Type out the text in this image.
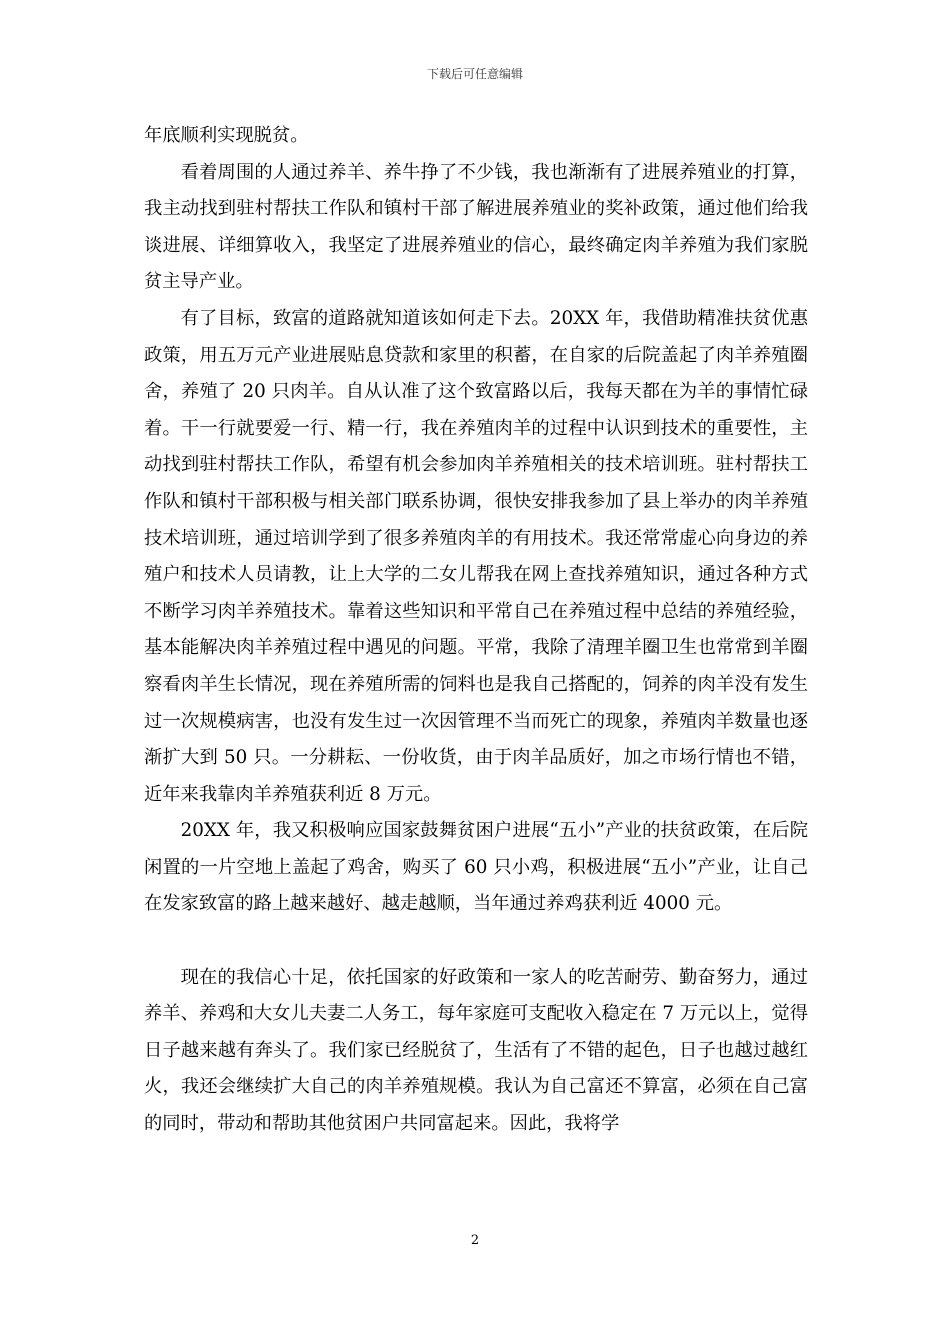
下载后可任意编辑

年底顺利实现脱贫。

看着周围的人通过养羊、养牛挣了不少钱，我也渐渐有了进展养殖业的打算，我主动找到驻村帮扶工作队和镇村干部了解进展养殖业的奖补政策，通过他们给我谈进展、详细算收入，我坚定了进展养殖业的信心，最终确定肉羊养殖为我们家脱贫主导产业。

有了目标，致富的道路就知道该如何走下去。20XX 年，我借助精准扶贫优惠政策，用五万元产业进展贴息贷款和家里的积蓄，在自家的后院盖起了肉羊养殖圈舍，养殖了 20 只肉羊。自从认准了这个致富路以后，我每天都在为羊的事情忙碌着。干一行就要爱一行、精一行，我在养殖肉羊的过程中认识到技术的重要性，主动找到驻村帮扶工作队，希望有机会参加肉羊养殖相关的技术培训班。驻村帮扶工作队和镇村干部积极与相关部门联系协调，很快安排我参加了县上举办的肉羊养殖技术培训班，通过培训学到了很多养殖肉羊的有用技术。我还常常虚心向身边的养殖户和技术人员请教，让上大学的二女儿帮我在网上查找养殖知识，通过各种方式不断学习肉羊养殖技术。靠着这些知识和平常自己在养殖过程中总结的养殖经验，基本能解决肉羊养殖过程中遇见的问题。平常，我除了清理羊圈卫生也常常到羊圈察看肉羊生长情况，现在养殖所需的饲料也是我自己搭配的，饲养的肉羊没有发生过一次规模病害，也没有发生过一次因管理不当而死亡的现象，养殖肉羊数量也逐渐扩大到 50 只。一分耕耘、一份收货，由于肉羊品质好，加之市场行情也不错，近年来我靠肉羊养殖获利近 8 万元。

20XX 年，我又积极响应国家鼓舞贫困户进展“五小”产业的扶贫政策，在后院闲置的一片空地上盖起了鸡舍，购买了 60 只小鸡，积极进展“五小”产业，让自己在发家致富的路上越来越好、越走越顺，当年通过养鸡获利近 4000 元。

现在的我信心十足，依托国家的好政策和一家人的吃苦耐劳、勤奋努力，通过养羊、养鸡和大女儿夫妻二人务工，每年家庭可支配收入稳定在 7 万元以上，觉得日子越来越有奔头了。我们家已经脱贫了，生活有了不错的起色，日子也越过越红火，我还会继续扩大自己的肉羊养殖规模。我认为自己富还不算富，必须在自己富的同时，带动和帮助其他贫困户共同富起来。因此，我将学

2
